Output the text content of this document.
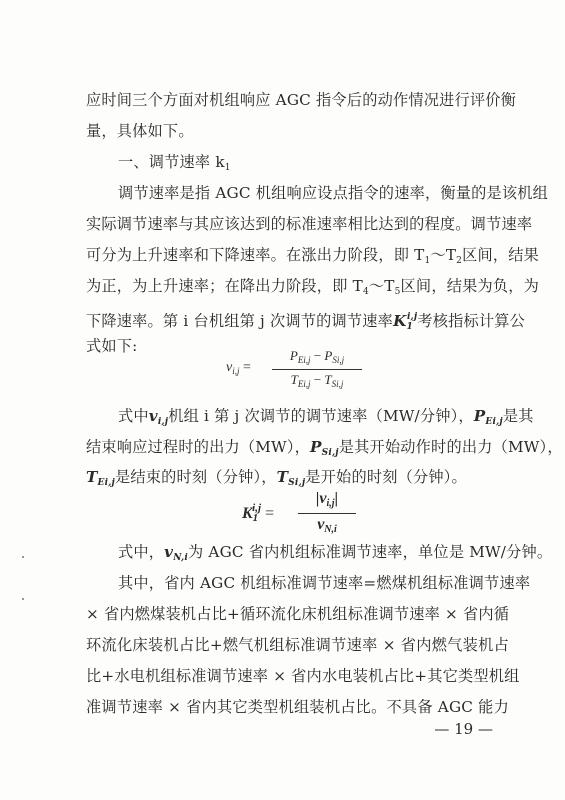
应时间三个方面对机组响应 AGC 指令后的动作情况进行评价衡
量，具体如下。
一、调节速率 $k_1$
调节速率是指 AGC 机组响应设点指令的速率，衡量的是该机组
实际调节速率与其应该达到的标准速率相比达到的程度。调节速率
可分为上升速率和下降速率。在涨出力阶段，即 $T_1\sim T_2$区间，结果
为正，为上升速率；在降出力阶段，即 $T_4\sim T_5$区间，结果为负，为
下降速率。第 i 台机组第 j 次调节的调节速率$K_1^{i,j}$考核指标计算公
式如下:
$v_{i,j}$ =
$P_{Ei,j} - P_{Si,j}$
$T_{Ei,j} - T_{Si,j}$
式中$v_{i,j}$机组 i 第 j 次调节的调节速率（MW/分钟），$P_{Ei,j}$是其
结束响应过程时的出力（MW），$P_{Si,j}$是其开始动作时的出力（MW），
$T_{Ei,j}$是结束的时刻（分钟），$T_{Si,j}$是开始的时刻（分钟）。
$K_1^{i,j}$ =
$|v_{i,j}|$
$v_{N,i}$
式中，$v_{N,i}$为 AGC 省内机组标准调节速率，单位是 MW/分钟。
其中，省内 AGC 机组标准调节速率=燃煤机组标准调节速率
× 省内燃煤装机占比+循环流化床机组标准调节速率 × 省内循
环流化床装机占比+燃气机组标准调节速率 × 省内燃气装机占
比+水电机组标准调节速率 × 省内水电装机占比+其它类型机组
准调节速率 × 省内其它类型机组装机占比。不具备 AGC 能力
— 19 —
